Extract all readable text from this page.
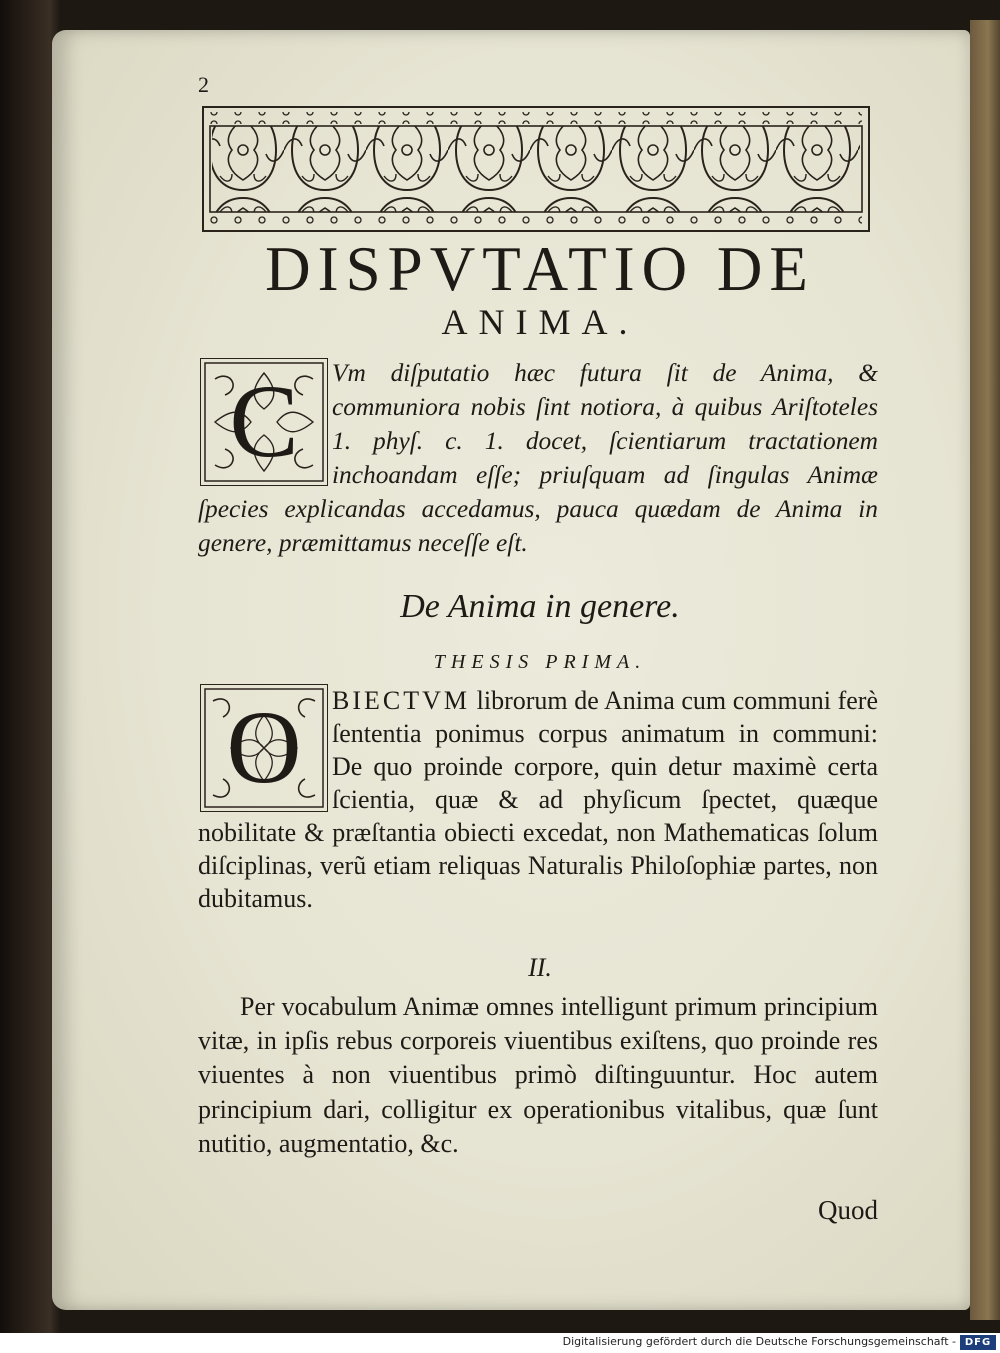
2
DISPVTATIO DE
ANIMA.

Vm diſputatio hæc futura ſit de Anima, & communiora nobis ſint notiora, à quibus Ariſtoteles 1. phyſ. c. 1. docet, ſcientiarum tractationem inchoandam eſſe; priuſquam ad ſingulas Animæ ſpecies explicandas accedamus, pauca quædam de Anima in genere, præmittamus neceſſe eſt.

C
De Anima in genere.
THESIS PRIMA.

BIECTVM librorum de Anima cum communi ferè ſententia ponimus corpus animatum in communi: De quo proinde corpore, quin detur maximè certa ſcientia, quæ & ad phyſicum ſpectet, quæque nobilitate & præſtantia obiecti excedat, non Mathematicas ſolum diſciplinas, verũ etiam reliquas Naturalis Philoſophiæ partes, non dubitamus.

O
II.

Per vocabulum Animæ omnes intelligunt primum principium vitæ, in ipſis rebus corporeis viuentibus exiſtens, quo proinde res viuentes à non viuentibus primò diſtinguuntur. Hoc autem principium dari, colligitur ex operationibus vitalibus, quæ ſunt nutitio, augmentatio, &c.

Quod

Digitalisierung gefördert durch die Deutsche Forschungsgemeinschaft - DFG
